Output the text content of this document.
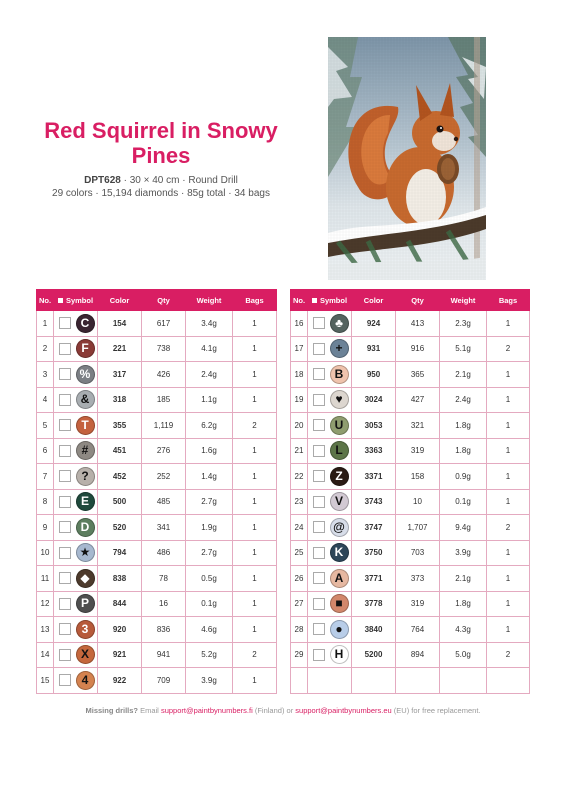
Red Squirrel in Snowy Pines
DPT628 · 30 × 40 cm · Round Drill
29 colors · 15,194 diamonds · 85g total · 34 bags
No.	Symbol	Color	Qty	Weight	Bags
1	C	154	617	3.4g	1
2	F	221	738	4.1g	1
3	%	317	426	2.4g	1
4	&	318	185	1.1g	1
5	T	355	1,119	6.2g	2
6	#	451	276	1.6g	1
7	?	452	252	1.4g	1
8	E	500	485	2.7g	1
9	D	520	341	1.9g	1
10	★	794	486	2.7g	1
11	◆	838	78	0.5g	1
12	P	844	16	0.1g	1
13	3	920	836	4.6g	1
14	X	921	941	5.2g	2
15	4	922	709	3.9g	1
No.	Symbol	Color	Qty	Weight	Bags
16	♣	924	413	2.3g	1
17	+	931	916	5.1g	2
18	B	950	365	2.1g	1
19	♥	3024	427	2.4g	1
20	U	3053	321	1.8g	1
21	L	3363	319	1.8g	1
22	Z	3371	158	0.9g	1
23	V	3743	10	0.1g	1
24	@	3747	1,707	9.4g	2
25	K	3750	703	3.9g	1
26	A	3771	373	2.1g	1
27	■	3778	319	1.8g	1
28	●	3840	764	4.3g	1
29	H	5200	894	5.0g	2

Missing drills? Email support@paintbynumbers.fi (Finland) or support@paintbynumbers.eu (EU) for free replacement.
